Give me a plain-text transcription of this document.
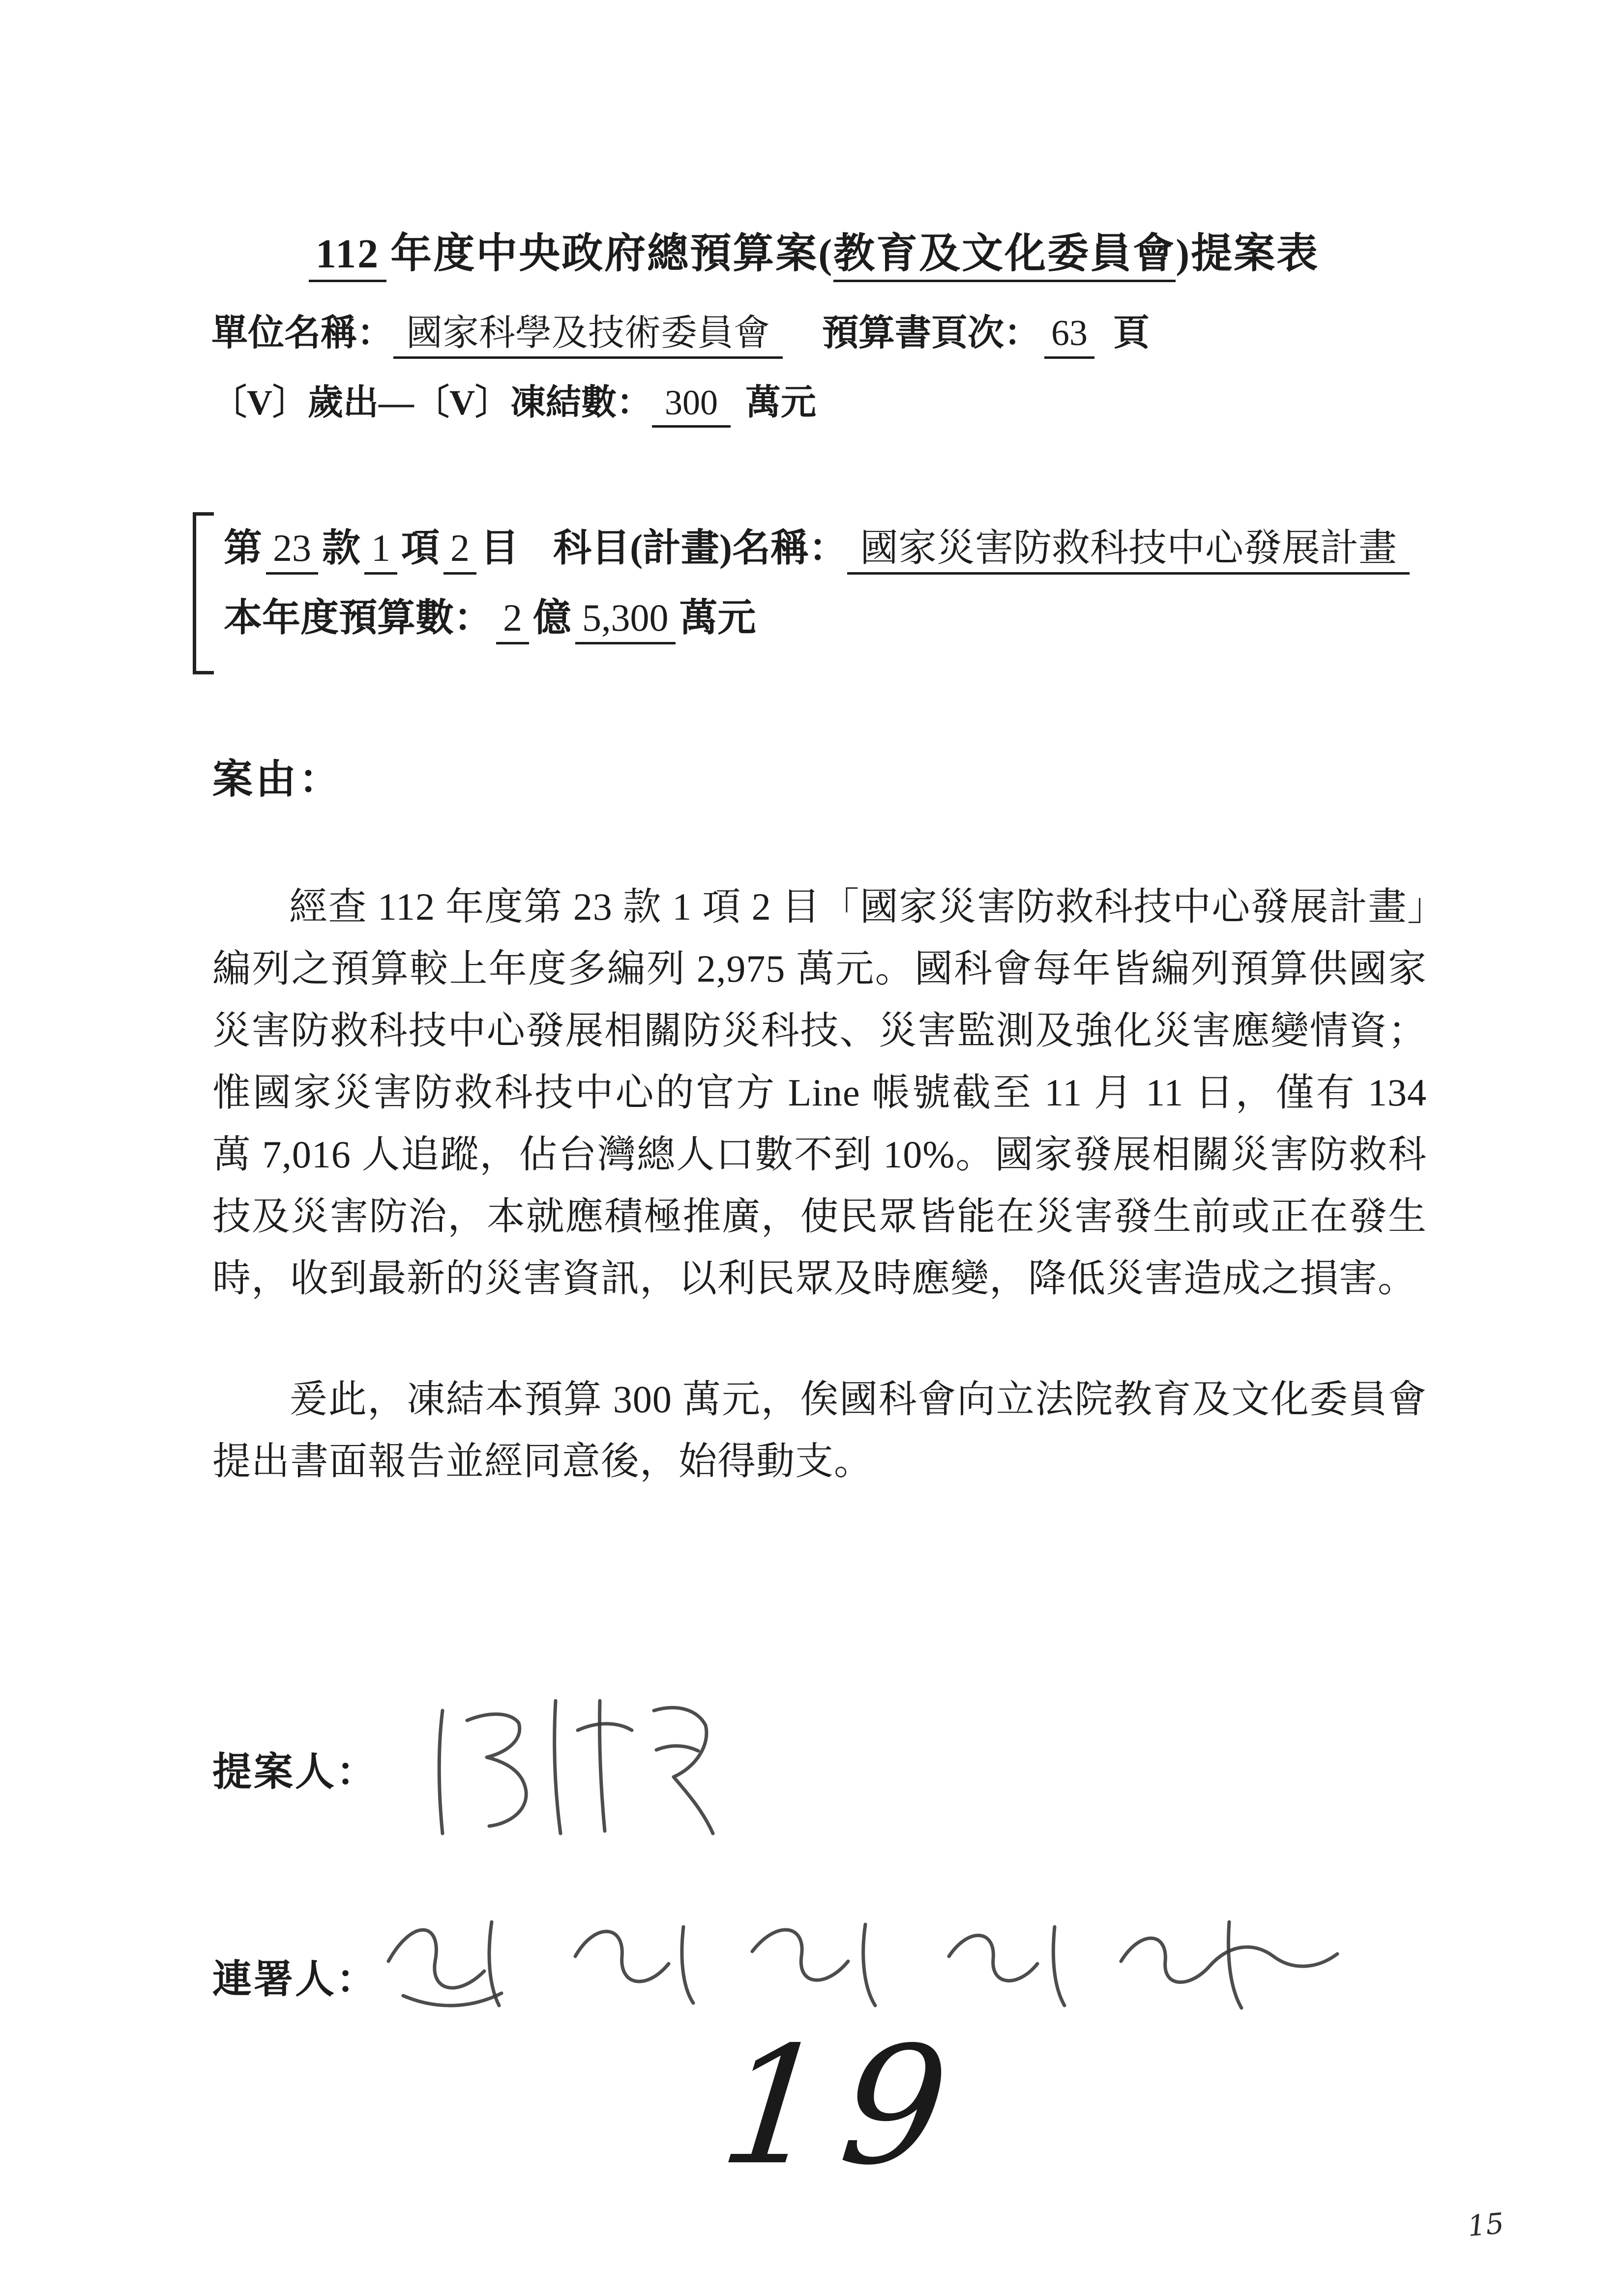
112 年度中央政府總預算案(教育及文化委員會)提案表
單位名稱： 國家科學及技術委員會 預算書頁次： 63 頁
〔V〕歲出—〔V〕凍結數： 300 萬元
第 23 款 1 項 2 目 科目(計畫)名稱： 國家災害防救科技中心發展計畫
本年度預算數： 2 億 5,300 萬元
案由：

經查 112 年度第 23 款 1 項 2 目「國家災害防救科技中心發展計畫」編列之預算較上年度多編列 2,975 萬元。國科會每年皆編列預算供國家災害防救科技中心發展相關防災科技、災害監測及強化災害應變情資；惟國家災害防救科技中心的官方 Line 帳號截至 11 月 11 日，僅有 134 萬 7,016 人追蹤，佔台灣總人口數不到 10%。國家發展相關災害防救科技及災害防治，本就應積極推廣，使民眾皆能在災害發生前或正在發生時，收到最新的災害資訊，以利民眾及時應變，降低災害造成之損害。

爰此，凍結本預算 300 萬元，俟國科會向立法院教育及文化委員會提出書面報告並經同意後，始得動支。

提案人：
連署人：
19
15
